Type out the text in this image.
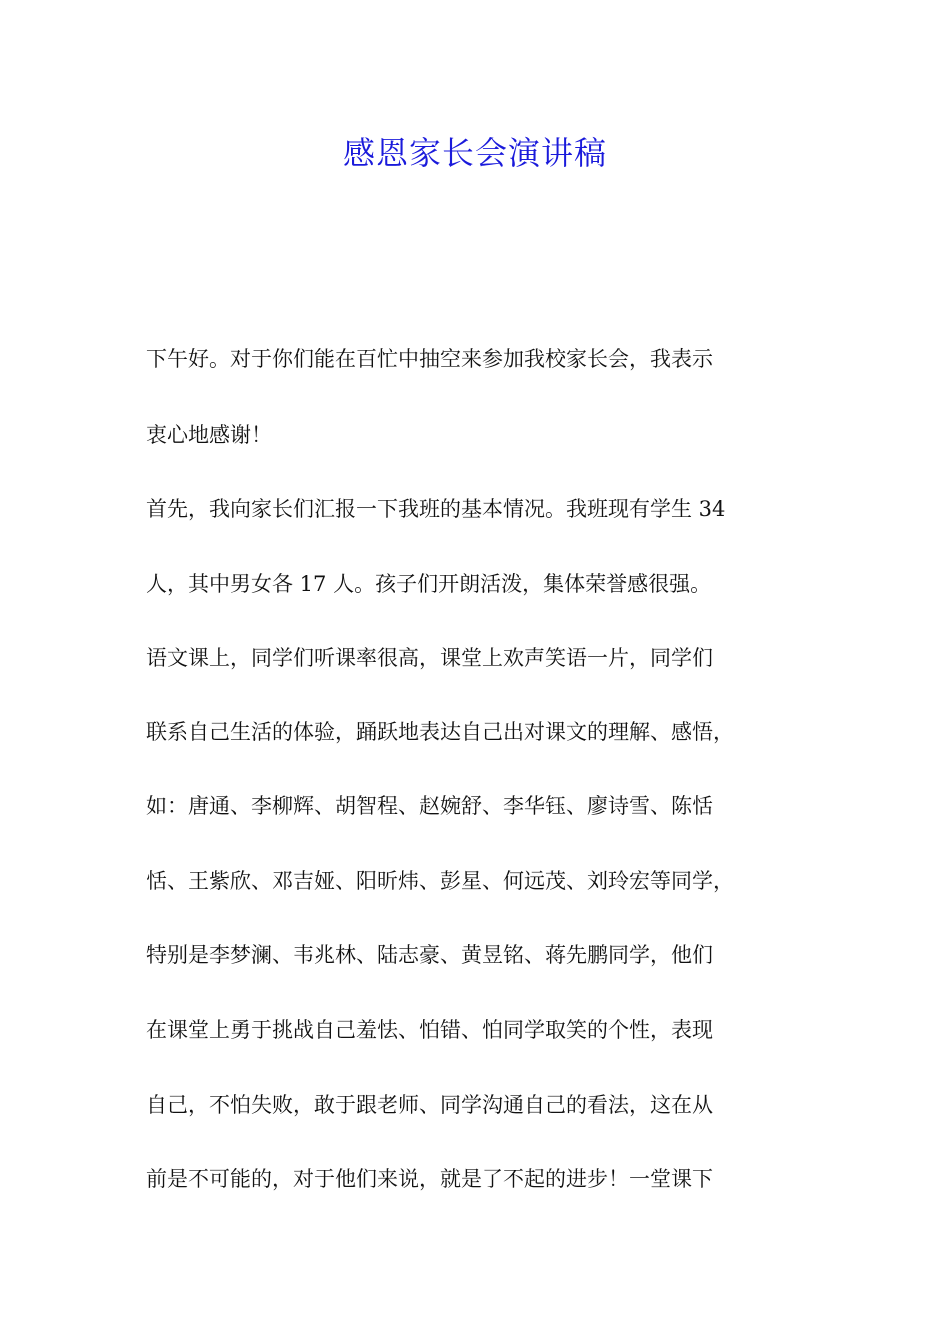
感恩家长会演讲稿
下午好。对于你们能在百忙中抽空来参加我校家长会，我表示
衷心地感谢！
首先，我向家长们汇报一下我班的基本情况。我班现有学生 34
人，其中男女各 17 人。孩子们开朗活泼，集体荣誉感很强。
语文课上，同学们听课率很高，课堂上欢声笑语一片，同学们
联系自己生活的体验，踊跃地表达自己出对课文的理解、感悟，
如：唐通、李柳辉、胡智程、赵婉舒、李华钰、廖诗雪、陈恬
恬、王紫欣、邓吉娅、阳昕炜、彭星、何远茂、刘玲宏等同学，
特别是李梦澜、韦兆林、陆志豪、黄昱铭、蒋先鹏同学，他们
在课堂上勇于挑战自己羞怯、怕错、怕同学取笑的个性，表现
自己，不怕失败，敢于跟老师、同学沟通自己的看法，这在从
前是不可能的，对于他们来说，就是了不起的进步！一堂课下
